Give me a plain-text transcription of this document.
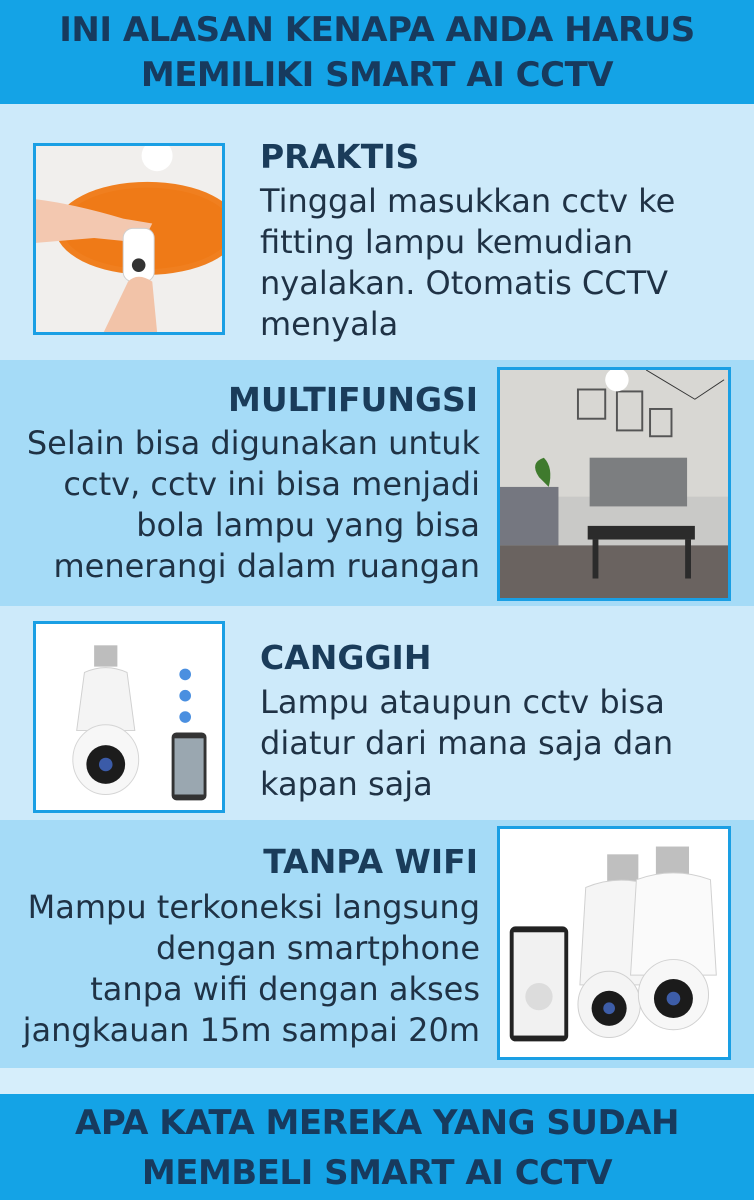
INI ALASAN KENAPA ANDA HARUS
MEMILIKI SMART AI CCTV
PRAKTIS
Tinggal masukkan cctv ke
fitting lampu kemudian
nyalakan. Otomatis CCTV
menyala
MULTIFUNGSI
Selain bisa digunakan untuk
cctv, cctv ini bisa menjadi
bola lampu yang bisa
menerangi dalam ruangan
CANGGIH
Lampu ataupun cctv bisa
diatur dari mana saja dan
kapan saja
TANPA WIFI
Mampu terkoneksi langsung
dengan smartphone
tanpa wifi dengan akses
jangkauan 15m sampai 20m
APA KATA MEREKA YANG SUDAH
MEMBELI SMART AI CCTV
